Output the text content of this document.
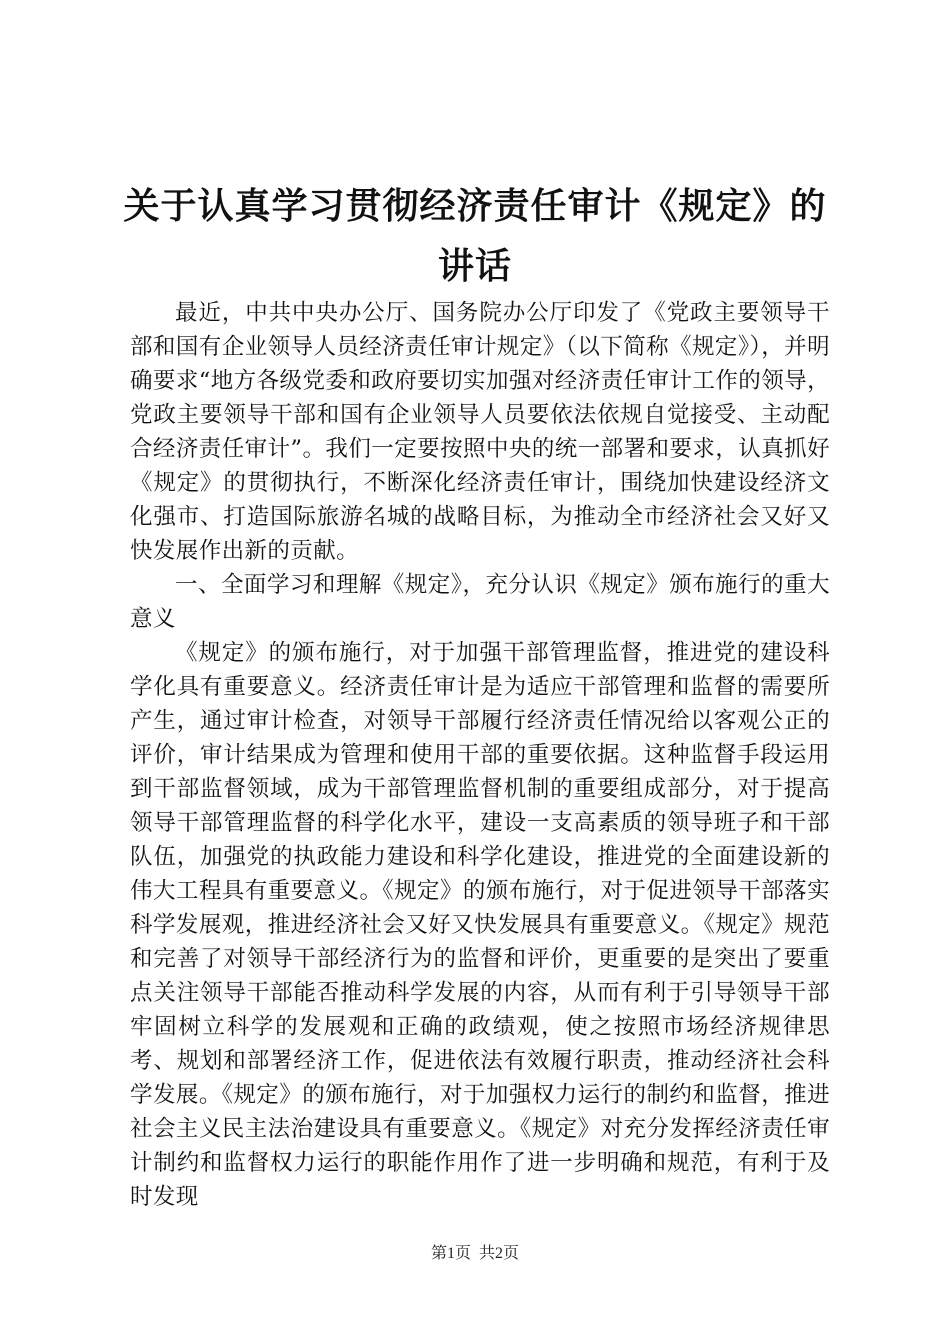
关于认真学习贯彻经济责任审计《规定》的讲话

最近，中共中央办公厅、国务院办公厅印发了《党政主要领导干部和国有企业领导人员经济责任审计规定》（以下简称《规定》），并明确要求“地方各级党委和政府要切实加强对经济责任审计工作的领导，党政主要领导干部和国有企业领导人员要依法依规自觉接受、主动配合经济责任审计”。我们一定要按照中央的统一部署和要求，认真抓好《规定》的贯彻执行，不断深化经济责任审计，围绕加快建设经济文化强市、打造国际旅游名城的战略目标，为推动全市经济社会又好又快发展作出新的贡献。

一、全面学习和理解《规定》，充分认识《规定》颁布施行的重大意义

《规定》的颁布施行，对于加强干部管理监督，推进党的建设科学化具有重要意义。经济责任审计是为适应干部管理和监督的需要所产生，通过审计检查，对领导干部履行经济责任情况给以客观公正的评价，审计结果成为管理和使用干部的重要依据。这种监督手段运用到干部监督领域，成为干部管理监督机制的重要组成部分，对于提高领导干部管理监督的科学化水平，建设一支高素质的领导班子和干部队伍，加强党的执政能力建设和科学化建设，推进党的全面建设新的伟大工程具有重要意义。《规定》的颁布施行，对于促进领导干部落实科学发展观，推进经济社会又好又快发展具有重要意义。《规定》规范和完善了对领导干部经济行为的监督和评价，更重要的是突出了要重点关注领导干部能否推动科学发展的内容，从而有利于引导领导干部牢固树立科学的发展观和正确的政绩观，使之按照市场经济规律思考、规划和部署经济工作，促进依法有效履行职责，推动经济社会科学发展。《规定》的颁布施行，对于加强权力运行的制约和监督，推进社会主义民主法治建设具有重要意义。《规定》对充分发挥经济责任审计制约和监督权力运行的职能作用作了进一步明确和规范，有利于及时发现

第1页 共2页
